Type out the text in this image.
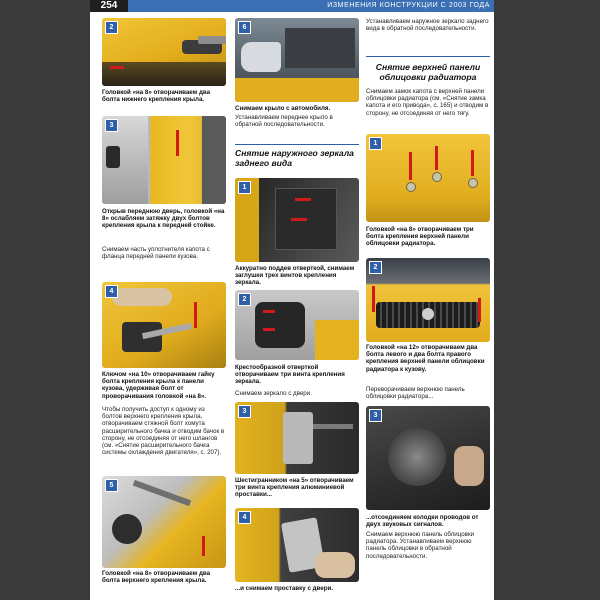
254	ИЗМЕНЕНИЯ КОНСТРУКЦИИ С 2003 ГОДА
2
Головкой «на 8» отворачиваем два болта нижнего крепления крыла.
3
Открыв переднюю дверь, головкой «на 8» ослабляем затяжку двух болтов крепления крыла к передней стойке.
Снимаем часть уплотнителя капота с фланца передней панели кузова.
4
Ключом «на 10» отворачиваем гайку болта крепления крыла к панели кузова, удерживая болт от проворачивания головкой «на 8».
Чтобы получить доступ к одному из болтов верхнего крепления крыла, отворачиваем стяжной болт хомута расширительного бачка и отводим бачок в сторону, не отсоединяя от него шлангов (см. «Снятие расширительного бачка системы охлаждения двигателя», с. 207).
5
Головкой «на 8» отворачиваем два болта верхнего крепления крыла.
6
Снимаем крыло с автомобиля.
Устанавливаем переднее крыло в обратной последовательности.
Снятие наружного зеркала заднего вида
1
Аккуратно поддев отверткой, снимаем заглушки трех винтов крепления зеркала.
2
Крестообразной отверткой отворачиваем три винта крепления зеркала.
Снимаем зеркало с двери.
3
Шестигранником «на 5» отворачиваем три винта крепления алюминиевой проставки...
4
...и снимаем проставку с двери.
Устанавливаем наружное зеркало заднего вида в обратной последовательности.
Снятие верхней панели облицовки радиатора
Снимаем замок капота с верхней панели облицовки радиатора (см. «Снятие замка капота и его привода», с. 165) и отводим в сторону, не отсоединяя от него тягу.
1
Головкой «на 8» отворачиваем три болта крепления верхней панели облицовки радиатора.
2
Головкой «на 12» отворачиваем два болта левого и два болта правого крепления верхней панели облицовки радиатора к кузову.
Переворачиваем верхнюю панель облицовки радиатора...
3
...отсоединяем колодки проводов от двух звуковых сигналов.
Снимаем верхнюю панель облицовки радиатора. Устанавливаем верхнюю панель облицовки в обратной последовательности.
